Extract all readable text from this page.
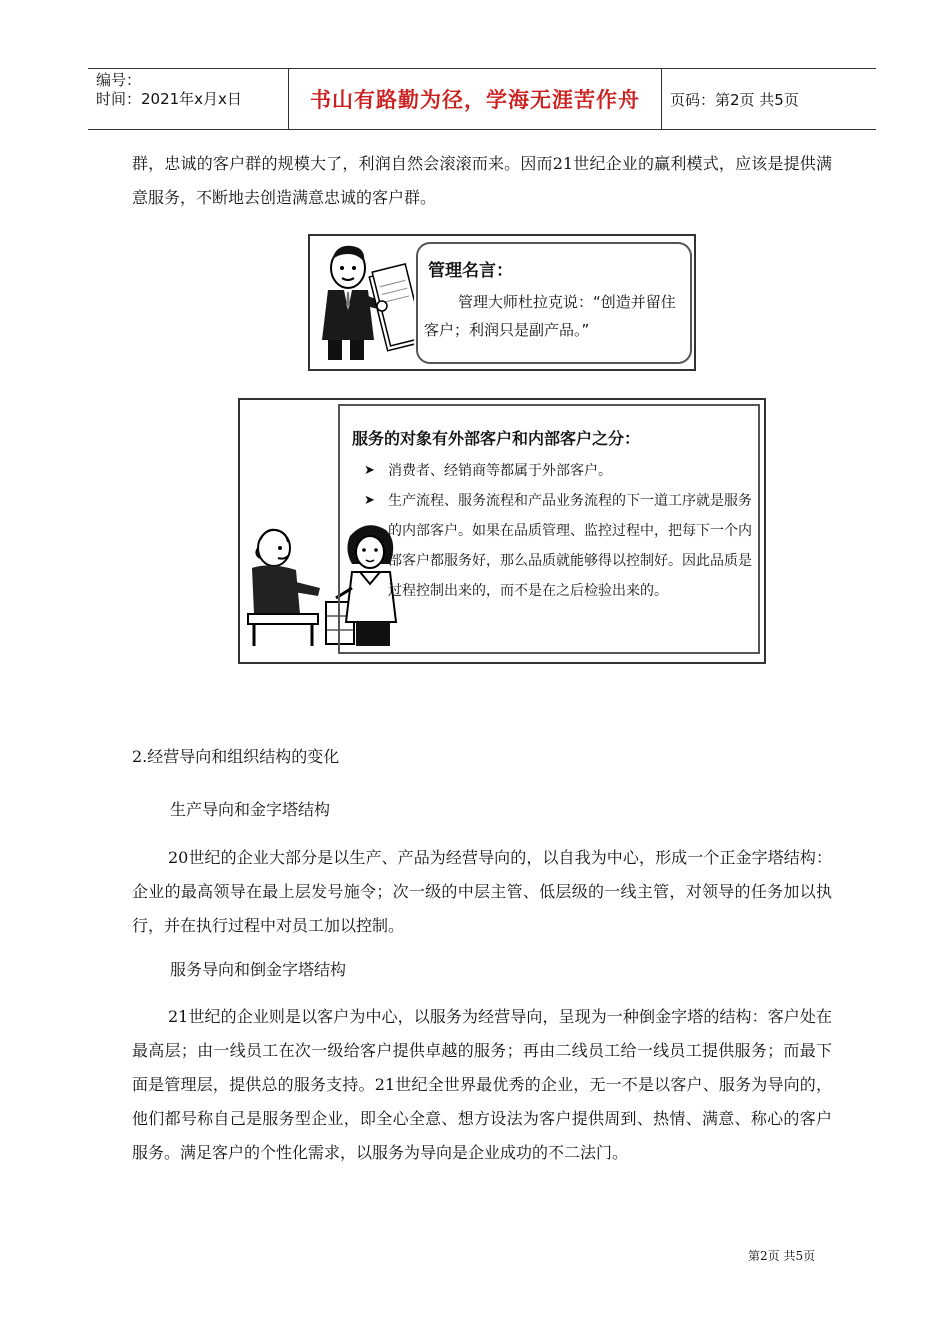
编号：
时间：2021年x月x日	书山有路勤为径，学海无涯苦作舟	页码：第2页 共5页
群，忠诚的客户群的规模大了，利润自然会滚滚而来。因而21世纪企业的赢利模式，应该是提供满意服务，不断地去创造满意忠诚的客户群。
管理名言：
管理大师杜拉克说：“创造并留住客户；利润只是副产品。”
服务的对象有外部客户和内部客户之分：
➤ 消费者、经销商等都属于外部客户。
➤ 生产流程、服务流程和产品业务流程的下一道工序就是服务的内部客户。如果在品质管理、监控过程中，把每下一个内部客户都服务好，那么品质就能够得以控制好。因此品质是过程控制出来的，而不是在之后检验出来的。
2.经营导向和组织结构的变化
生产导向和金字塔结构
20世纪的企业大部分是以生产、产品为经营导向的，以自我为中心，形成一个正金字塔结构：企业的最高领导在最上层发号施令；次一级的中层主管、低层级的一线主管，对领导的任务加以执行，并在执行过程中对员工加以控制。
服务导向和倒金字塔结构
21世纪的企业则是以客户为中心，以服务为经营导向，呈现为一种倒金字塔的结构：客户处在最高层；由一线员工在次一级给客户提供卓越的服务；再由二线员工给一线员工提供服务；而最下面是管理层，提供总的服务支持。21世纪全世界最优秀的企业，无一不是以客户、服务为导向的，他们都号称自己是服务型企业，即全心全意、想方设法为客户提供周到、热情、满意、称心的客户服务。满足客户的个性化需求，以服务为导向是企业成功的不二法门。
第2页 共5页
